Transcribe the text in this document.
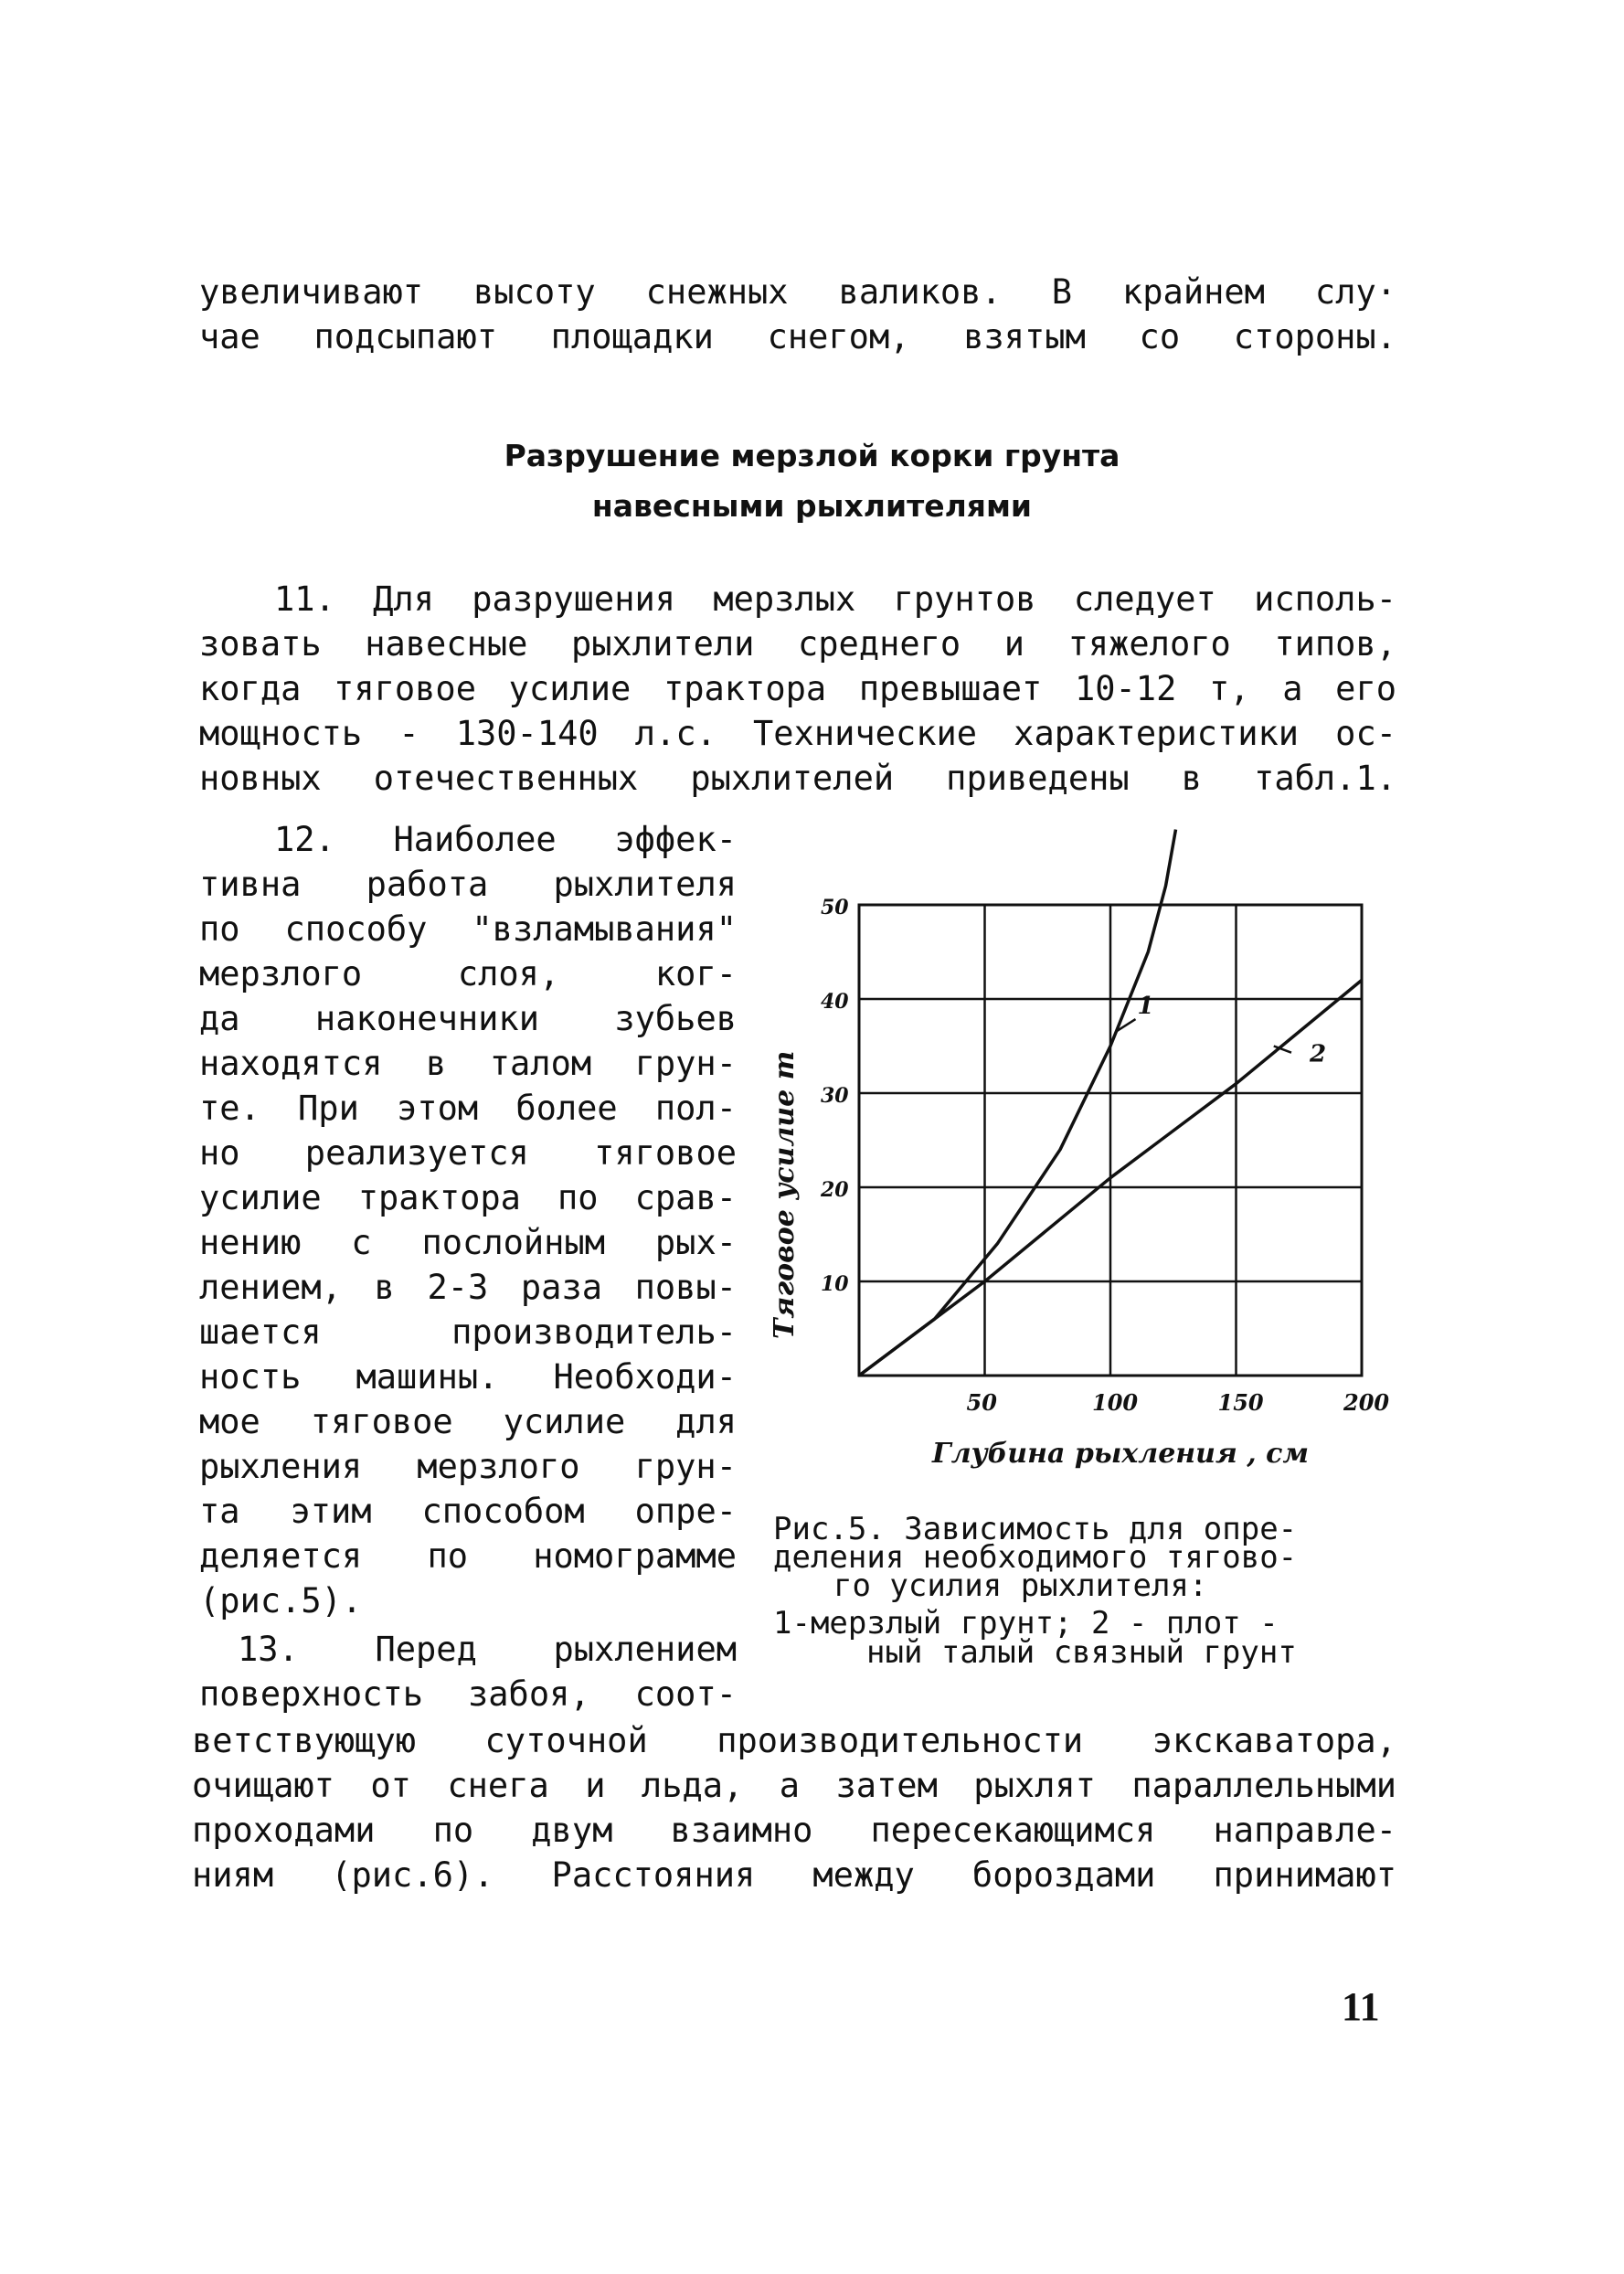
увеличивают высоту снежных валиков. В крайнем слу·
чае подсыпают площадки снегом, взятым со стороны.
Разрушение мерзлой корки грунта
навесными рыхлителями
11. Для разрушения мерзлых грунтов следует исполь-
зовать навесные рыхлители среднего и тяжелого типов,
когда тяговое усилие трактора превышает 10-12 т, а его
мощность - 130-140 л.с. Технические характеристики ос-
новных отечественных рыхлителей приведены в табл.1.
12. Наиболее эффек-
тивна работа рыхлителя
по способу "взламывания"
мерзлого слоя, ког-
да наконечники зубьев
находятся в талом грун-
те. При этом более пол-
но реализуется тяговое
усилие трактора по срав-
нению с послойным рых-
лением, в 2-3 раза повы-
шается производитель-
ность машины. Необходи-
мое тяговое усилие для
рыхления мерзлого грун-
та этим способом опре-
деляется по номограмме
(рис.5).
13. Перед рыхлением
поверхность забоя, соот-
ветствующую суточной производительности экскаватора,
очищают от снега и льда, а затем рыхлят параллельными
проходами по двум взаимно пересекающимся направле-
ниям (рис.6). Расстояния между бороздами принимают
50	100	150	200
10
20
30
40
50
1
2
Глубина рыхления , см
Тяговое усилие т
Рис.5. Зависимость для опре-
деления необходимого тягово-
го усилия рыхлителя:
1-мерзлый грунт; 2 - плот -
ный талый связный грунт
11
